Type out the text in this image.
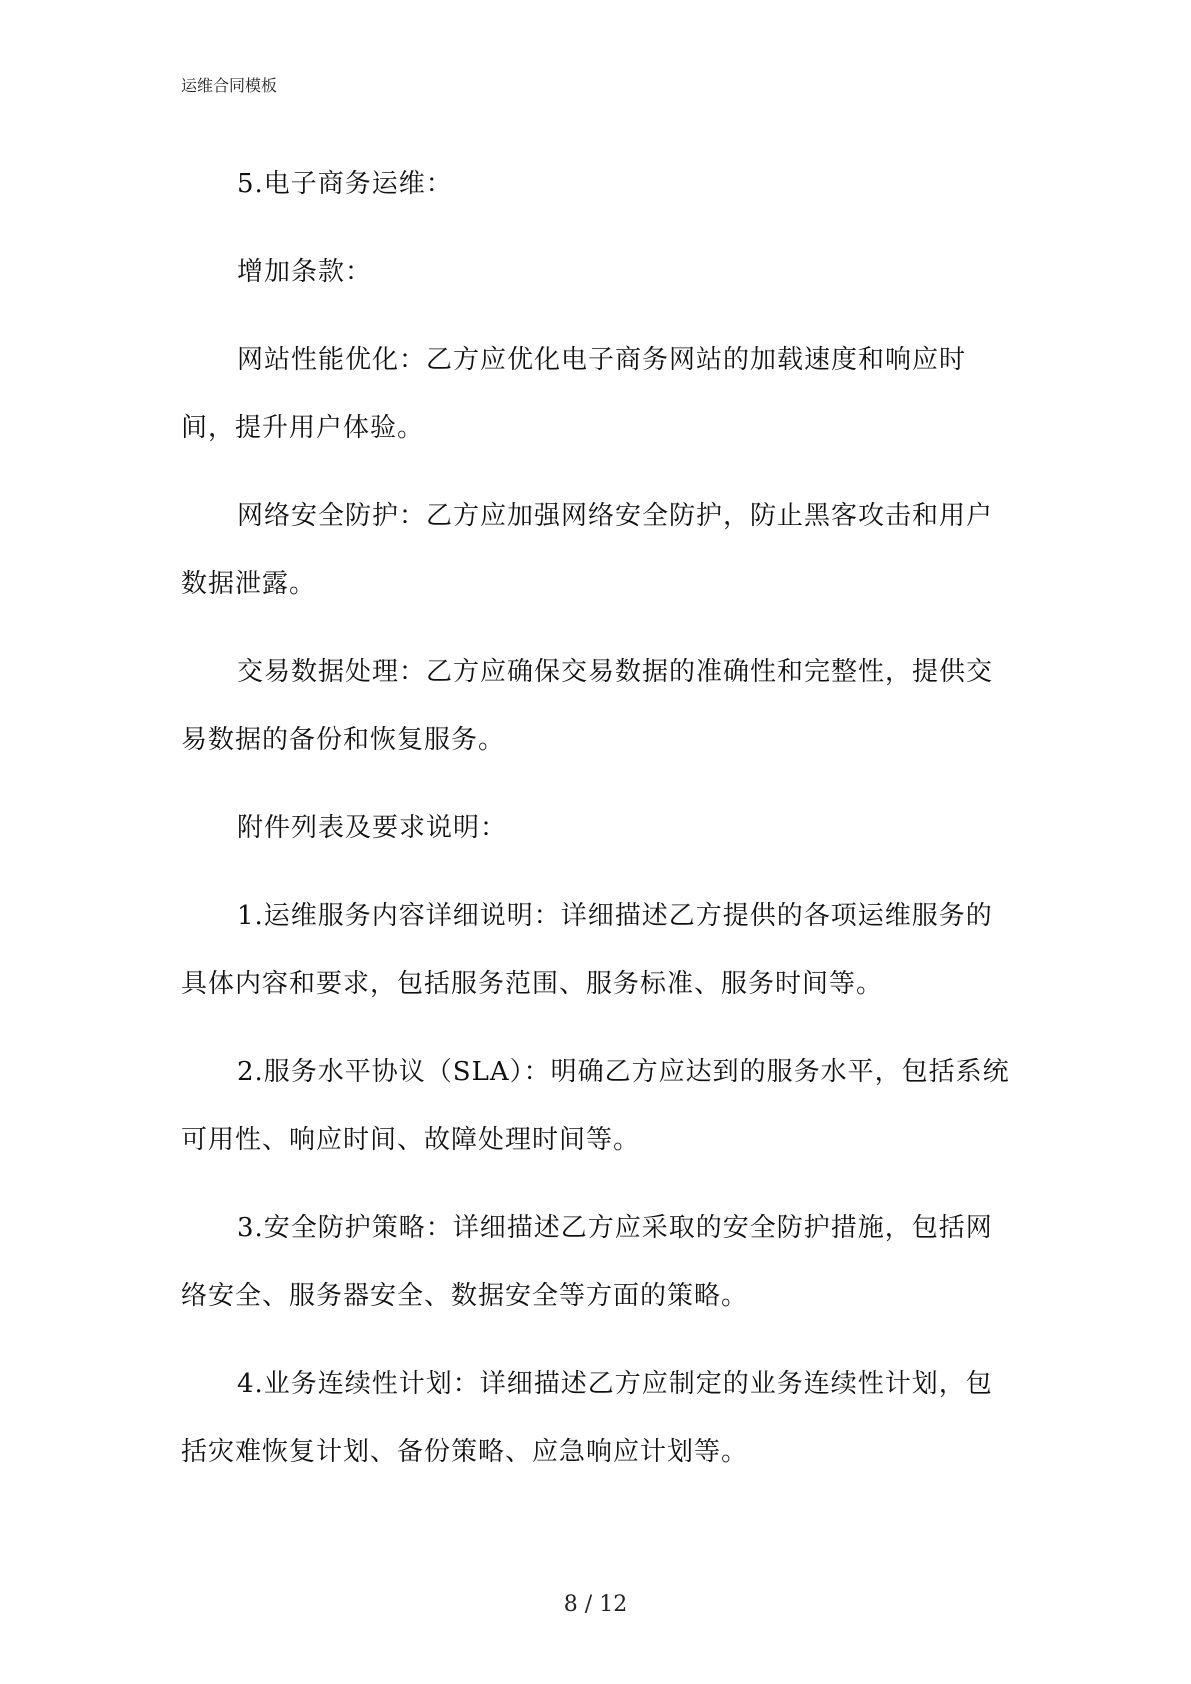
运维合同模板

5.电子商务运维：

增加条款：

网站性能优化：乙方应优化电子商务网站的加载速度和响应时间，提升用户体验。

网络安全防护：乙方应加强网络安全防护，防止黑客攻击和用户数据泄露。

交易数据处理：乙方应确保交易数据的准确性和完整性，提供交易数据的备份和恢复服务。

附件列表及要求说明：

1.运维服务内容详细说明：详细描述乙方提供的各项运维服务的具体内容和要求，包括服务范围、服务标准、服务时间等。

2.服务水平协议（SLA）：明确乙方应达到的服务水平，包括系统可用性、响应时间、故障处理时间等。

3.安全防护策略：详细描述乙方应采取的安全防护措施，包括网络安全、服务器安全、数据安全等方面的策略。

4.业务连续性计划：详细描述乙方应制定的业务连续性计划，包括灾难恢复计划、备份策略、应急响应计划等。

8 / 12
